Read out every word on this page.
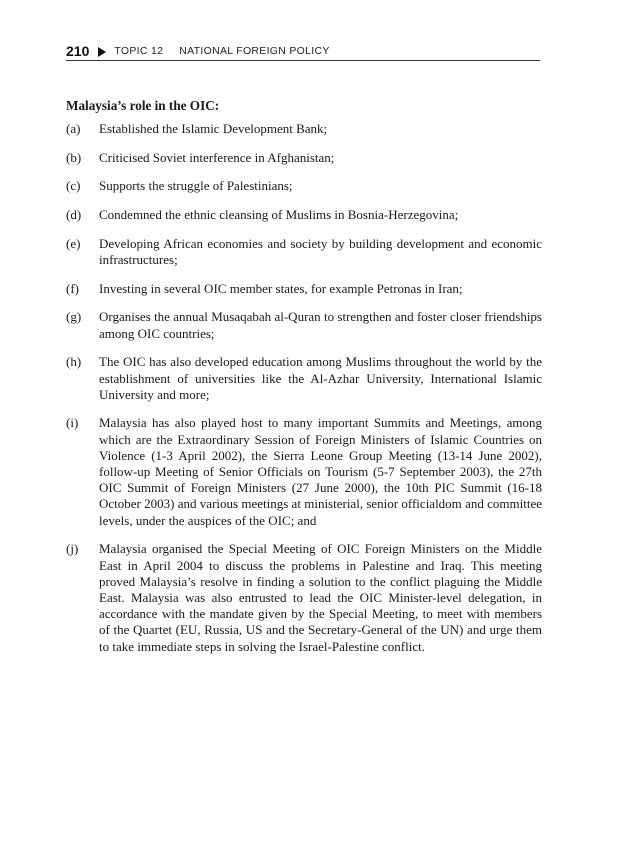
210 TOPIC 12 NATIONAL FOREIGN POLICY
Malaysia’s role in the OIC:
(a)	Established the Islamic Development Bank;
(b)	Criticised Soviet interference in Afghanistan;
(c)	Supports the struggle of Palestinians;
(d)	Condemned the ethnic cleansing of Muslims in Bosnia-Herzegovina;
(e)	Developing African economies and society by building development and economic infrastructures;
(f)	Investing in several OIC member states, for example Petronas in Iran;
(g)	Organises the annual Musaqabah al-Quran to strengthen and foster closer friendships among OIC countries;
(h)	The OIC has also developed education among Muslims throughout the world by the establishment of universities like the Al-Azhar University, International Islamic University and more;
(i)	Malaysia has also played host to many important Summits and Meetings, among which are the Extraordinary Session of Foreign Ministers of Islamic Countries on Violence (1-3 April 2002), the Sierra Leone Group Meeting (13-14 June 2002), follow-up Meeting of Senior Officials on Tourism (5-7 September 2003), the 27th OIC Summit of Foreign Ministers (27 June 2000), the 10th PIC Summit (16-18 October 2003) and various meetings at ministerial, senior officialdom and committee levels, under the auspices of the OIC; and
(j)	Malaysia organised the Special Meeting of OIC Foreign Ministers on the Middle East in April 2004 to discuss the problems in Palestine and Iraq. This meeting proved Malaysia’s resolve in finding a solution to the conflict plaguing the Middle East. Malaysia was also entrusted to lead the OIC Minister-level delegation, in accordance with the mandate given by the Special Meeting, to meet with members of the Quartet (EU, Russia, US and the Secretary-General of the UN) and urge them to take immediate steps in solving the Israel-Palestine conflict.
